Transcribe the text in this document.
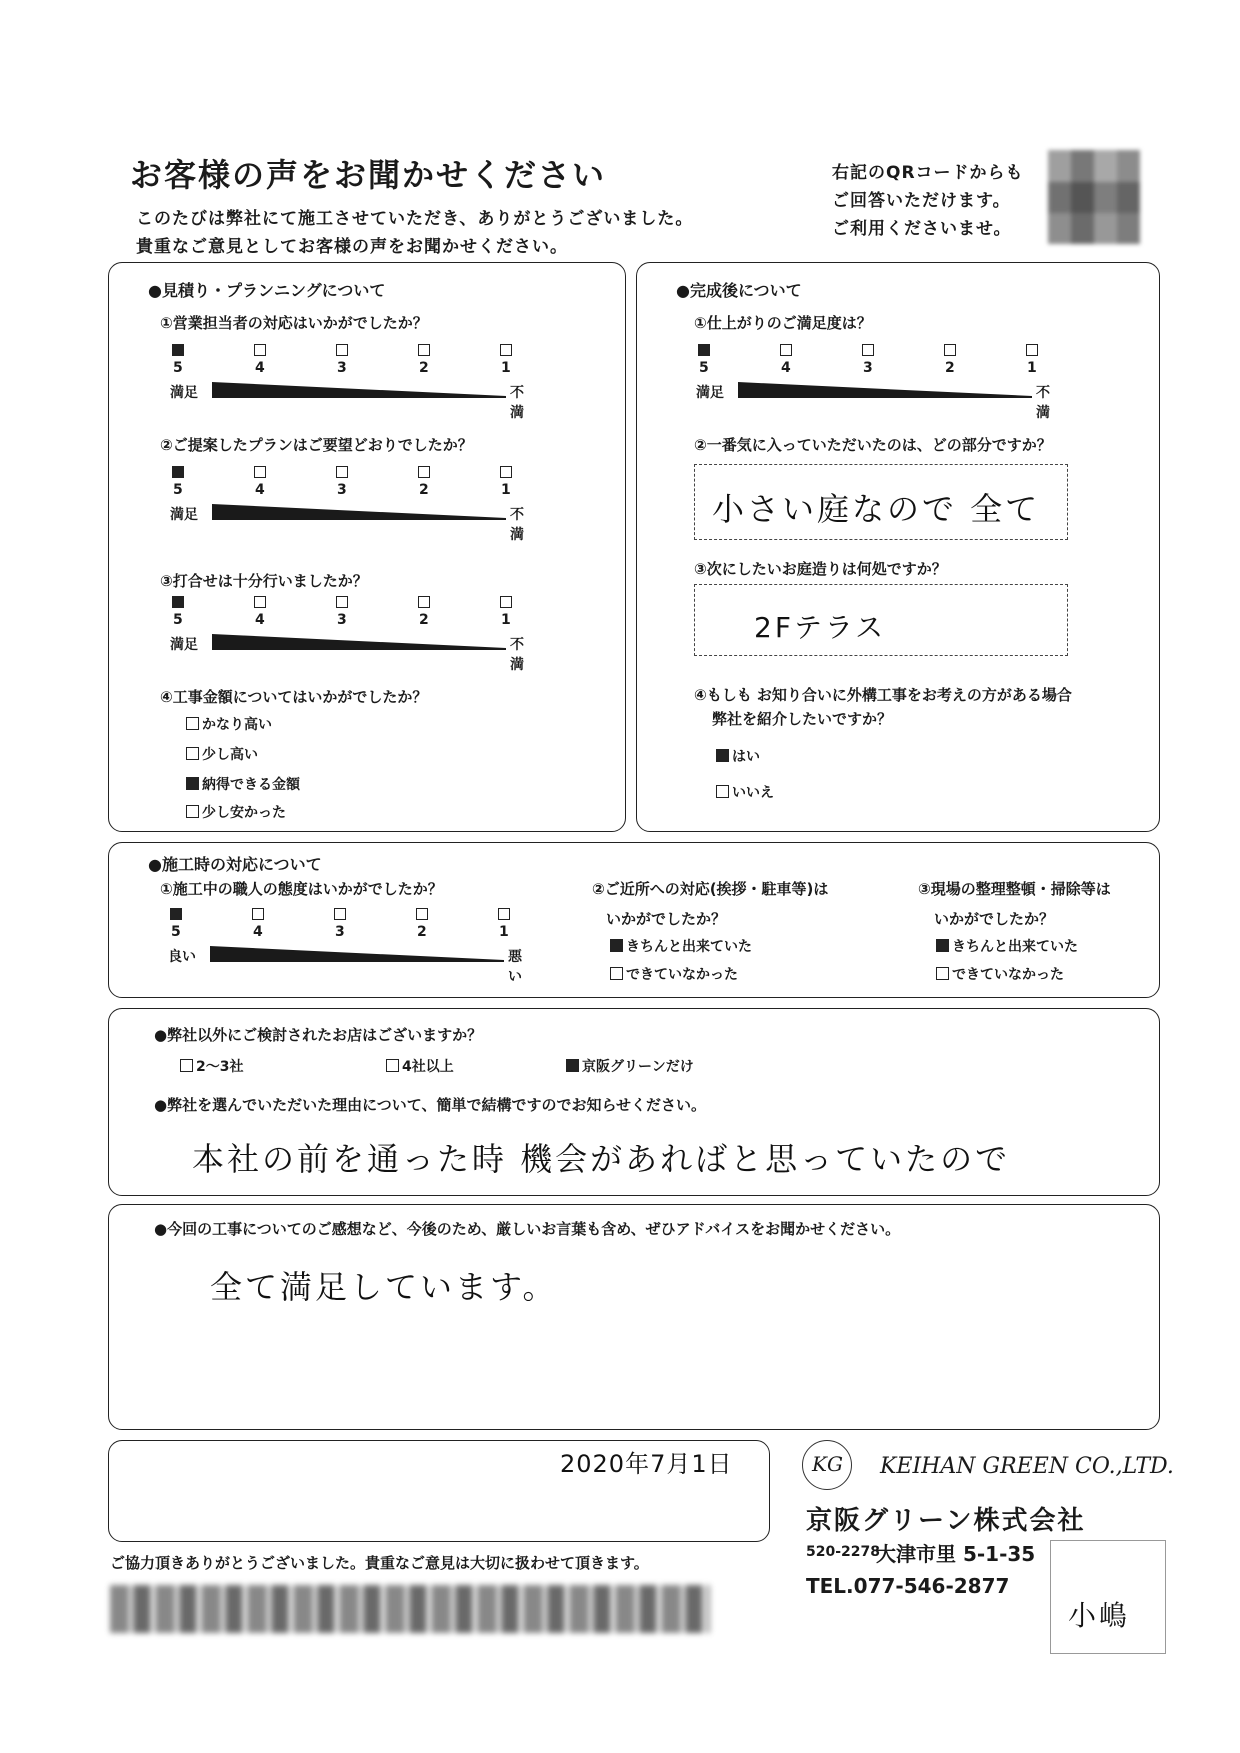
お客様の声をお聞かせください
このたびは弊社にて施工させていただき、ありがとうございました。
貴重なご意見としてお客様の声をお聞かせください。
右記のQRコードからも
ご回答いただけます。
ご利用くださいませ。
●見積り・プランニングについて
①営業担当者の対応はいかがでしたか？
5	4	3	2	1
満足	不満
②ご提案したプランはご要望どおりでしたか？
5	4	3	2	1
満足	不満
③打合せは十分行いましたか？
5	4	3	2	1
満足	不満
④工事金額についてはいかがでしたか？
かなり高い
少し高い
納得できる金額
少し安かった
●完成後について
①仕上がりのご満足度は？
5	4	3	2	1
満足	不満
②一番気に入っていただいたのは、どの部分ですか？
小さい庭なので 全て
③次にしたいお庭造りは何処ですか？
2Fテラス
④もしも お知り合いに外構工事をお考えの方がある場合
弊社を紹介したいですか？
はい
いいえ
●施工時の対応について
①施工中の職人の態度はいかがでしたか？
5	4	3	2	1
良い	悪い
②ご近所への対応(挨拶・駐車等)は
いかがでしたか？
きちんと出来ていた
できていなかった
③現場の整理整頓・掃除等は
いかがでしたか？
きちんと出来ていた
できていなかった
●弊社以外にご検討されたお店はございますか？
2～3社	4社以上	京阪グリーンだけ
●弊社を選んでいただいた理由について、簡単で結構ですのでお知らせください。
本社の前を通った時 機会があればと思っていたので
●今回の工事についてのご感想など、今後のため、厳しいお言葉も含め、ぜひアドバイスをお聞かせください。
全て満足しています。
2020年7月1日	KG KEIHAN GREEN CO.,LTD.
京阪グリーン株式会社
520-2278
大津市里 5-1-35
TEL.077-546-2877
小嶋
ご協力頂きありがとうございました。貴重なご意見は大切に扱わせて頂きます。
